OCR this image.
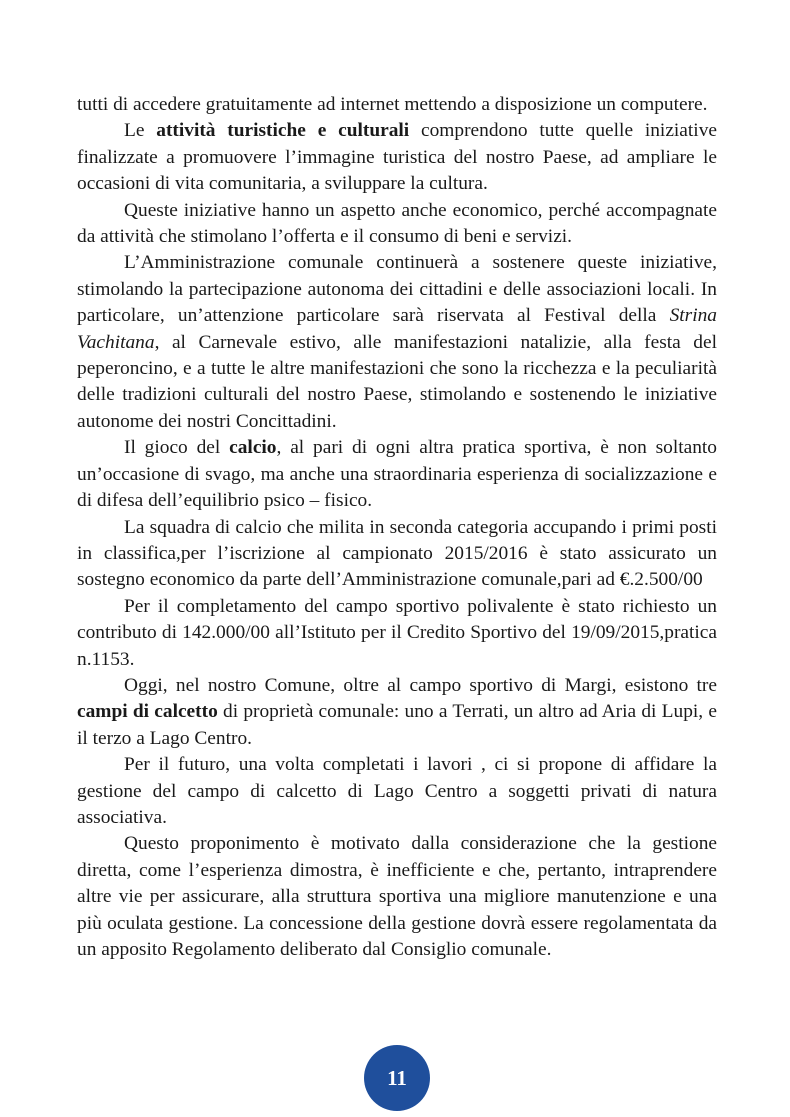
tutti di accedere gratuitamente ad internet mettendo a disposizione un computere.

Le attività turistiche e culturali comprendono tutte quelle iniziative finalizzate a promuovere l’immagine turistica del nostro Paese, ad ampliare le occasioni di vita comunitaria, a sviluppare la cultura.

Queste iniziative hanno un aspetto anche economico, perché accompagnate da attività che stimolano l’offerta e il consumo di beni e servizi.

L’Amministrazione comunale continuerà a sostenere queste iniziative, stimolando la partecipazione autonoma dei cittadini e delle associazioni locali. In particolare, un’attenzione particolare sarà riservata al Festival della Strina Vachitana, al Carnevale estivo, alle manifestazioni natalizie, alla festa del peperoncino, e a tutte le altre manifestazioni che sono la ricchezza e la peculiarità delle tradizioni culturali del nostro Paese, stimolando e sostenendo le iniziative autonome dei nostri Concittadini.

Il gioco del calcio, al pari di ogni altra pratica sportiva, è non soltanto un’occasione di svago, ma anche una straordinaria esperienza di socializzazione e di difesa dell’equilibrio psico – fisico.

La squadra di calcio che milita in seconda categoria accupando i primi posti in classifica,per l’iscrizione al campionato 2015/2016 è stato assicurato un sostegno economico da parte dell’Amministrazione comunale,pari ad €.2.500/00

Per il completamento del campo sportivo polivalente è stato richiesto un contributo di 142.000/00 all’Istituto per il Credito Sportivo del 19/09/2015,pratica n.1153.

Oggi, nel nostro Comune, oltre al campo sportivo di Margi, esistono tre campi di calcetto di proprietà comunale: uno a Terrati, un altro ad Aria di Lupi, e il terzo a Lago Centro.

Per il futuro, una volta completati i lavori , ci si propone di affidare la gestione del campo di calcetto di Lago Centro a soggetti privati di natura associativa.

Questo proponimento è motivato dalla considerazione che la gestione diretta, come l’esperienza dimostra, è inefficiente e che, pertanto, intraprendere altre vie per assicurare, alla struttura sportiva una migliore manutenzione e una più oculata gestione. La concessione della gestione dovrà essere regolamentata da un apposito Regolamento deliberato dal Consiglio comunale.

11
